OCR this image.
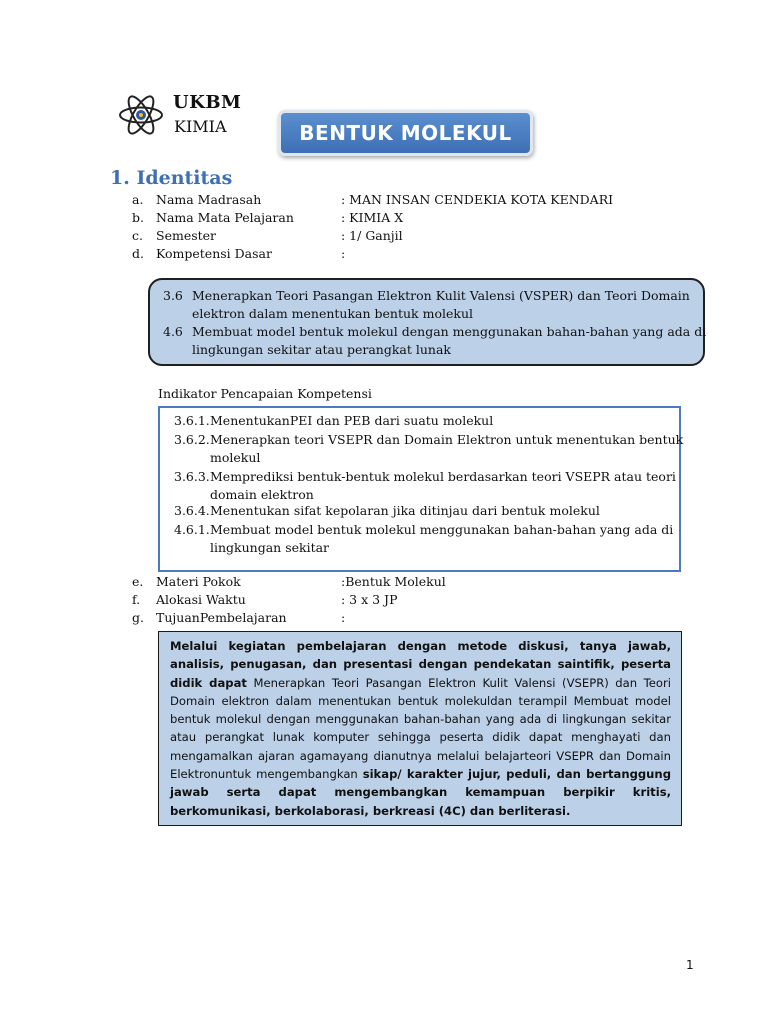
UKBM
KIMIA	BENTUK MOLEKUL
1. Identitas
a. Nama Madrasah	: MAN INSAN CENDEKIA KOTA KENDARI
b. Nama Mata Pelajaran	: KIMIA X
c. Semester	: 1/ Ganjil
d. Kompetensi Dasar	:
3.6 Menerapkan Teori Pasangan Elektron Kulit Valensi (VSPER) dan Teori Domain
elektron dalam menentukan bentuk molekul
4.6 Membuat model bentuk molekul dengan menggunakan bahan-bahan yang ada di
lingkungan sekitar atau perangkat lunak
Indikator Pencapaian Kompetensi
3.6.1. MenentukanPEI dan PEB dari suatu molekul
3.6.2. Menerapkan teori VSEPR dan Domain Elektron untuk menentukan bentuk
molekul
3.6.3. Memprediksi bentuk-bentuk molekul berdasarkan teori VSEPR atau teori
domain elektron
3.6.4. Menentukan sifat kepolaran jika ditinjau dari bentuk molekul
4.6.1. Membuat model bentuk molekul menggunakan bahan-bahan yang ada di
lingkungan sekitar
e. Materi Pokok	:Bentuk Molekul
f. Alokasi Waktu	: 3 x 3 JP
g. TujuanPembelajaran	:
Melalui kegiatan pembelajaran dengan metode diskusi, tanya jawab, analisis, penugasan, dan presentasi dengan pendekatan saintifik, peserta didik dapat Menerapkan Teori Pasangan Elektron Kulit Valensi (VSEPR) dan Teori Domain elektron dalam menentukan bentuk molekuldan terampil Membuat model bentuk molekul dengan menggunakan bahan-bahan yang ada di lingkungan sekitar atau perangkat lunak komputer sehingga peserta didik dapat menghayati dan mengamalkan ajaran agamayang dianutnya melalui belajarteori VSEPR dan Domain Elektronuntuk mengembangkan sikap/ karakter jujur, peduli, dan bertanggung jawab serta dapat mengembangkan kemampuan berpikir kritis, berkomunikasi, berkolaborasi, berkreasi (4C) dan berliterasi.
1
